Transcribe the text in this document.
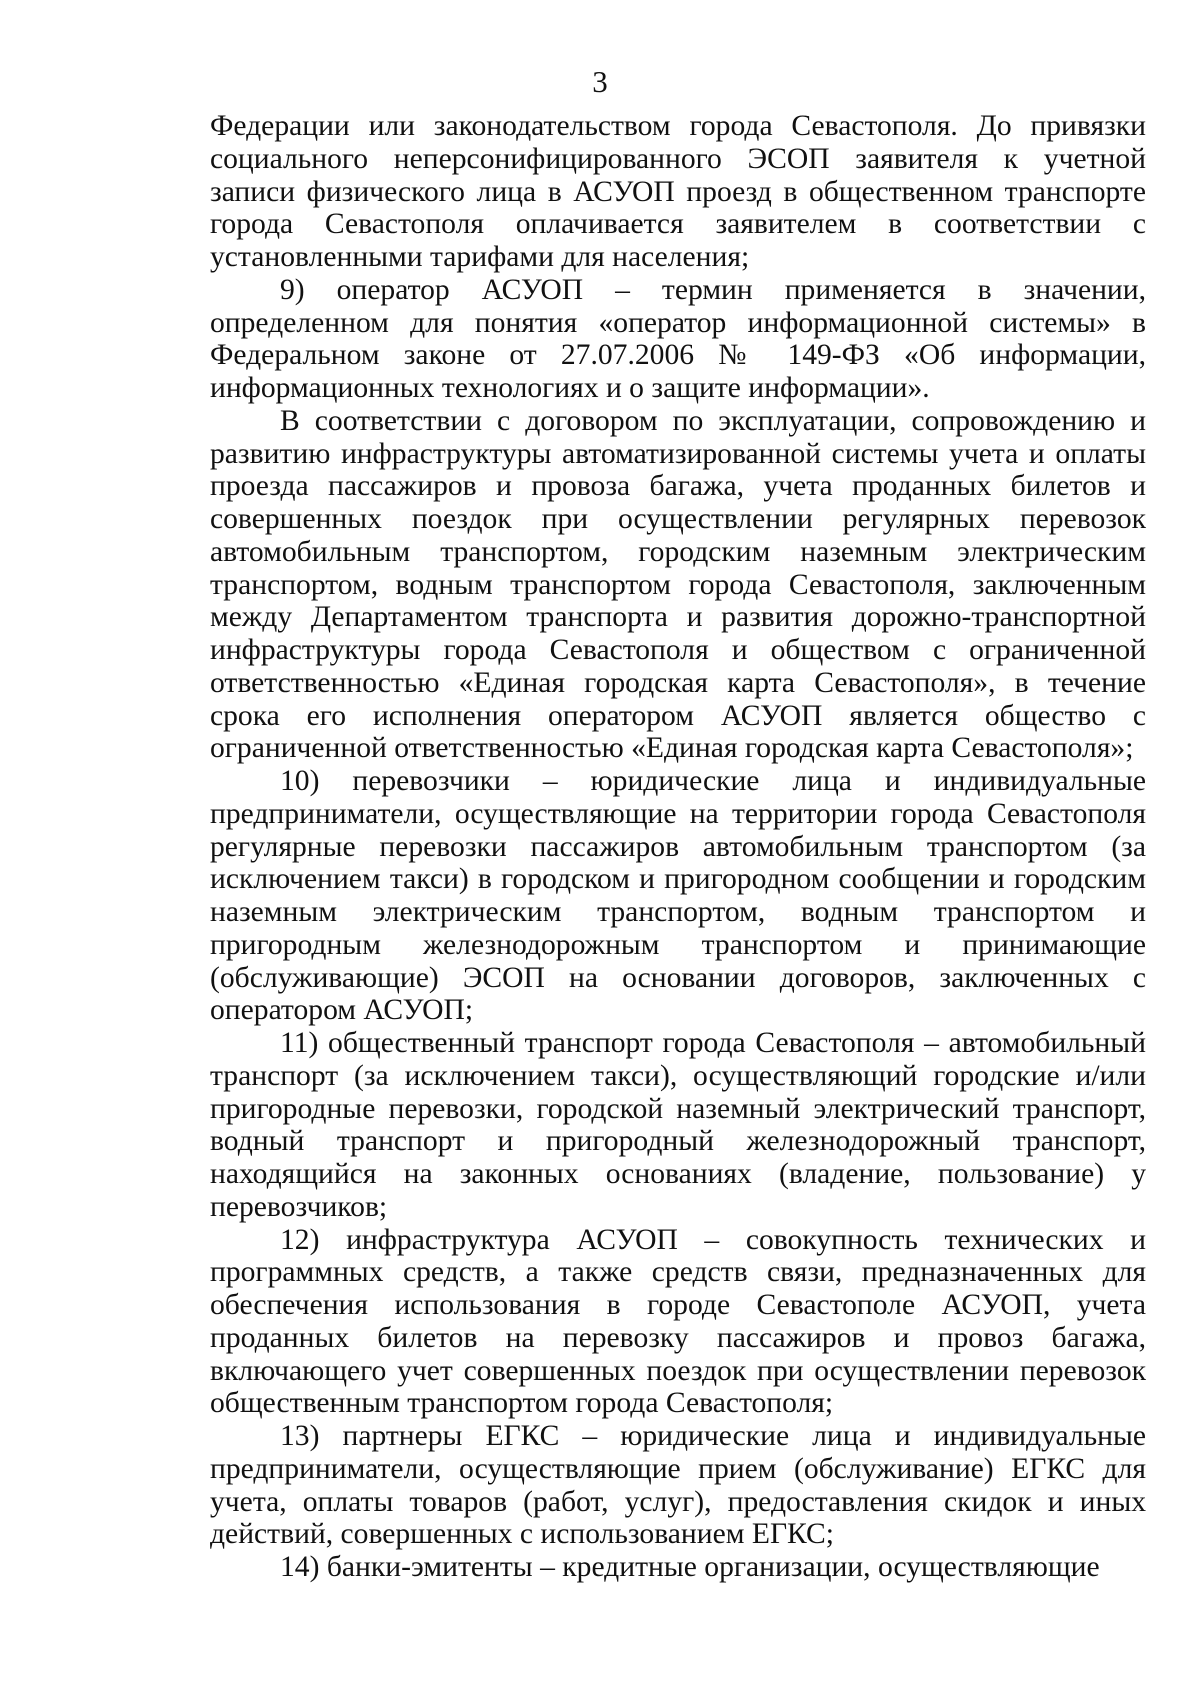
3

Федерации или законодательством города Севастополя. До привязки социального неперсонифицированного ЭСОП заявителя к учетной записи физического лица в АСУОП проезд в общественном транспорте города Севастополя оплачивается заявителем в соответствии с установленными тарифами для населения;

9) оператор АСУОП – термин применяется в значении, определенном для понятия «оператор информационной системы» в Федеральном законе от 27.07.2006 № 149-ФЗ «Об информации, информационных технологиях и о защите информации».

В соответствии с договором по эксплуатации, сопровождению и развитию инфраструктуры автоматизированной системы учета и оплаты проезда пассажиров и провоза багажа, учета проданных билетов и совершенных поездок при осуществлении регулярных перевозок автомобильным транспортом, городским наземным электрическим транспортом, водным транспортом города Севастополя, заключенным между Департаментом транспорта и развития дорожно-транспортной инфраструктуры города Севастополя и обществом с ограниченной ответственностью «Единая городская карта Севастополя», в течение срока его исполнения оператором АСУОП является общество с ограниченной ответственностью «Единая городская карта Севастополя»;

10) перевозчики – юридические лица и индивидуальные предприниматели, осуществляющие на территории города Севастополя регулярные перевозки пассажиров автомобильным транспортом (за исключением такси) в городском и пригородном сообщении и городским наземным электрическим транспортом, водным транспортом и пригородным железнодорожным транспортом и принимающие (обслуживающие) ЭСОП на основании договоров, заключенных с оператором АСУОП;

11) общественный транспорт города Севастополя – автомобильный транспорт (за исключением такси), осуществляющий городские и/или пригородные перевозки, городской наземный электрический транспорт, водный транспорт и пригородный железнодорожный транспорт, находящийся на законных основаниях (владение, пользование) у перевозчиков;

12) инфраструктура АСУОП – совокупность технических и программных средств, а также средств связи, предназначенных для обеспечения использования в городе Севастополе АСУОП, учета проданных билетов на перевозку пассажиров и провоз багажа, включающего учет совершенных поездок при осуществлении перевозок общественным транспортом города Севастополя;

13) партнеры ЕГКС – юридические лица и индивидуальные предприниматели, осуществляющие прием (обслуживание) ЕГКС для учета, оплаты товаров (работ, услуг), предоставления скидок и иных действий, совершенных с использованием ЕГКС;

14) банки-эмитенты – кредитные организации, осуществляющие
